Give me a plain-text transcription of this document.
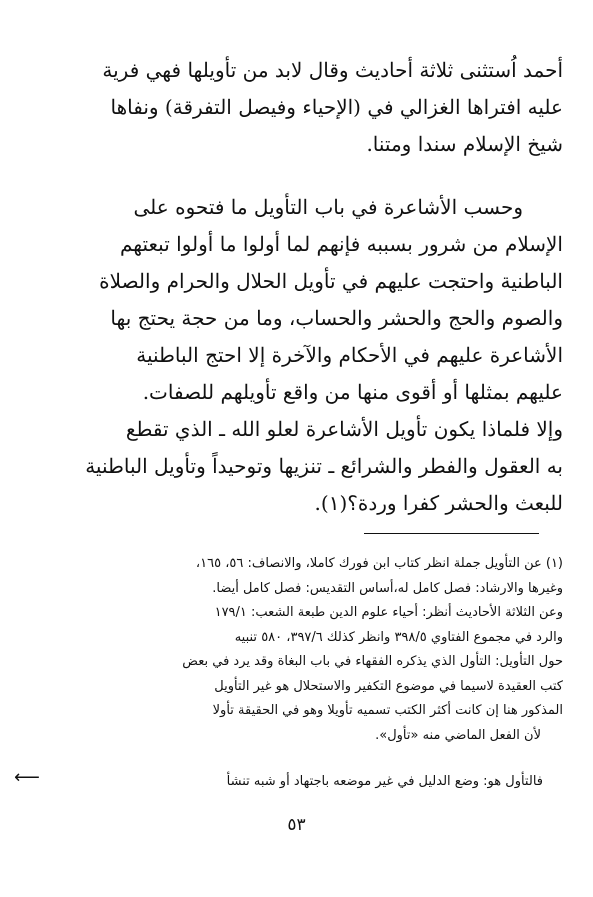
أحمد اُستثنى ثلاثة أحاديث وقال لابد من تأويلها فهي فرية
عليه افتراها الغزالي في (الإحياء وفيصل التفرقة) ونفاها
شيخ الإسلام سندا ومتنا.
وحسب الأشاعرة في باب التأويل ما فتحوه على
الإسلام من شرور بسببه فإنهم لما أولوا ما أولوا تبعتهم
الباطنية واحتجت عليهم في تأويل الحلال والحرام والصلاة
والصوم والحج والحشر والحساب، وما من حجة يحتج بها
الأشاعرة عليهم في الأحكام والآخرة إلا احتج الباطنية
عليهم بمثلها أو أقوى منها من واقع تأويلهم للصفات.
وإلا فلماذا يكون تأويل الأشاعرة لعلو الله ـ الذي تقطع
به العقول والفطر والشرائع ـ تنزيها وتوحيداً وتأويل الباطنية
للبعث والحشر كفرا وردة؟(١).
(١) عن التأويل جملة انظر كتاب ابن فورك كاملا، والانصاف: ٥٦، ١٦٥،
وغيرها والارشاد: فصل كامل له،أساس التقديس: فصل كامل أيضا.
وعن الثلاثة الأحاديث أنظر: أحياء علوم الدين طبعة الشعب: ١٧٩/١
والرد في مجموع الفتاوي ٣٩٨/٥ وانظر كذلك ٣٩٧/٦، ٥٨٠ تنبيه
حول التأويل: التأول الذي يذكره الفقهاء في باب البغاة وقد يرد في بعض
كتب العقيدة لاسيما في موضوع التكفير والاستحلال هو غير التأويل
المذكور هنا إن كانت أكثر الكتب تسميه تأويلا وهو في الحقيقة تأولا
لأن الفعل الماضي منه «تأول».
فالتأول هو: وضع الدليل في غير موضعه باجتهاد أو شبه تنشأ
⟵
٥٣
